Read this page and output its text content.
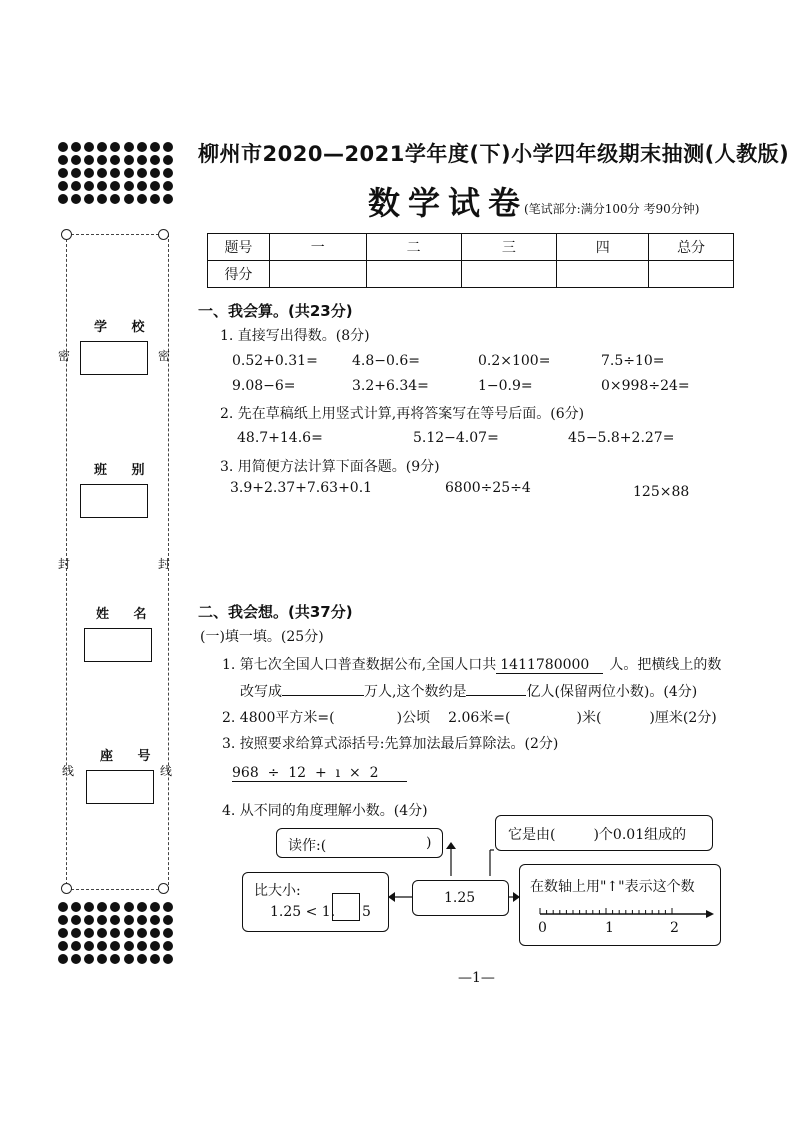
学 校
密	密
班 别
封	封
姓 名
座 号
线	线
柳州市2020—2021学年度(下)小学四年级期末抽测(人教版)
数学试卷
(笔试部分:满分100分 考90分钟)
题号	一	二	三	四	总分
得分					
一、我会算。(共23分)
1. 直接写出得数。(8分)
0.52+0.31= 4.8−0.6=	0.2×100=	7.5÷10=
9.08−6=	3.2+6.34=	1−0.9=	0×998÷24=
2. 先在草稿纸上用竖式计算,再将答案写在等号后面。(6分)
48.7+14.6=	5.12−4.07=	45−5.8+2.27=
3. 用简便方法计算下面各题。(9分)
3.9+2.37+7.63+0.1	6800÷25÷4	125×88
二、我会想。(共37分)
(一)填一填。(25分)
1. 第七次全国人口普查数据公布,全国人口共 1411780000 人。把横线上的数
改写成	万人,这个数约是	亿人(保留两位小数)。(4分)
2. 4800平方米=(	)公顷 2.06米=(	)米(	)厘米(2分)
3. 按照要求给算式添括号:先算加法最后算除法。(2分)
968  ÷  12  +  ı  ×  2
4. 从不同的角度理解小数。(4分)
读作:(	)	它是由(	)个0.01组成的
1.25
比大小:
1.25 < 1. 5
在数轴上用"↑"表示这个数
0	1	2
—1—
